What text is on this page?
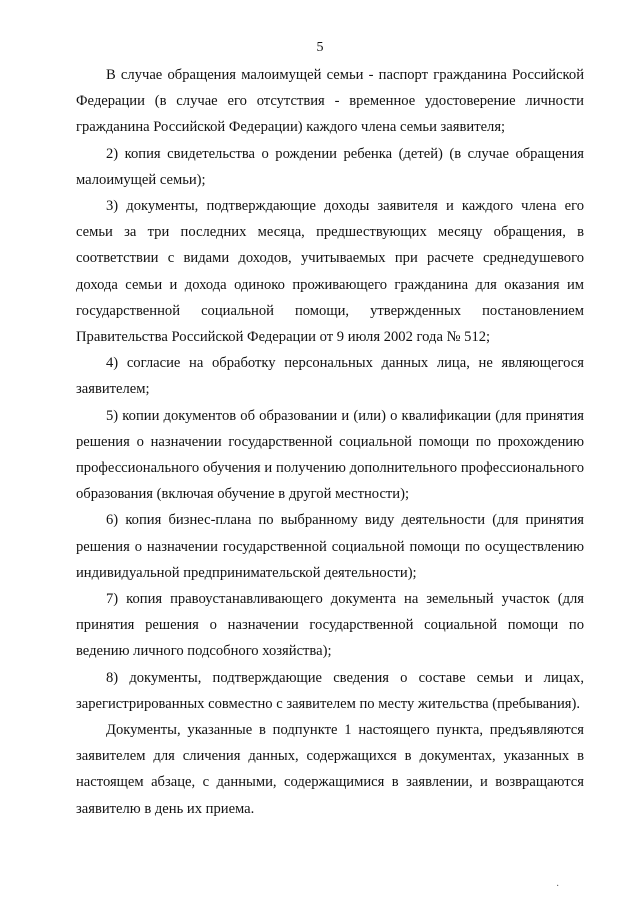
5

В случае обращения малоимущей семьи - паспорт гражданина Российской Федерации (в случае его отсутствия - временное удостоверение личности гражданина Российской Федерации) каждого члена семьи заявителя;

2) копия свидетельства о рождении ребенка (детей) (в случае обращения малоимущей семьи);

3) документы, подтверждающие доходы заявителя и каждого члена его семьи за три последних месяца, предшествующих месяцу обращения, в соответствии с видами доходов, учитываемых при расчете среднедушевого дохода семьи и дохода одиноко проживающего гражданина для оказания им государственной социальной помощи, утвержденных постановлением Правительства Российской Федерации от 9 июля 2002 года № 512;

4) согласие на обработку персональных данных лица, не являющегося заявителем;

5) копии документов об образовании и (или) о квалификации (для принятия решения о назначении государственной социальной помощи по прохождению профессионального обучения и получению дополнительного профессионального образования (включая обучение в другой местности);

6) копия бизнес-плана по выбранному виду деятельности (для принятия решения о назначении государственной социальной помощи по осуществлению индивидуальной предпринимательской деятельности);

7) копия правоустанавливающего документа на земельный участок (для принятия решения о назначении государственной социальной помощи по ведению личного подсобного хозяйства);

8) документы, подтверждающие сведения о составе семьи и лицах, зарегистрированных совместно с заявителем по месту жительства (пребывания).

Документы, указанные в подпункте 1 настоящего пункта, предъявляются заявителем для сличения данных, содержащихся в документах, указанных в настоящем абзаце, с данными, содержащимися в заявлении, и возвращаются заявителю в день их приема.

·
